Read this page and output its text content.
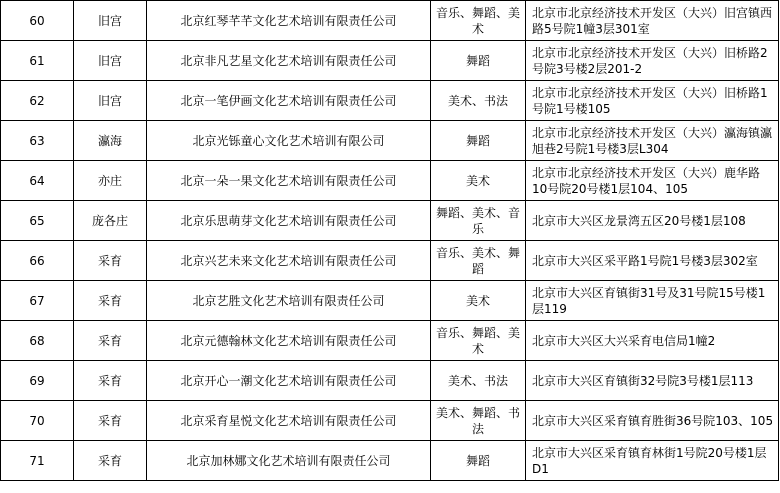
60	旧宫	北京红琴芊芊文化艺术培训有限责任公司	音乐、舞蹈、美术	北京市北京经济技术开发区（大兴）旧宫镇西路5号院1幢3层301室
61	旧宫	北京非凡艺星文化艺术培训有限责任公司	舞蹈	北京市北京经济技术开发区（大兴）旧桥路2号院3号楼2层201-2
62	旧宫	北京一笔伊画文化艺术培训有限责任公司	美术、书法	北京市北京经济技术开发区（大兴）旧桥路1号院1号楼105
63	瀛海	北京光铄童心文化艺术培训有限公司	舞蹈	北京市北京经济技术开发区（大兴）瀛海镇瀛旭巷2号院1号楼3层L304
64	亦庄	北京一朵一果文化艺术培训有限责任公司	美术	北京市北京经济技术开发区（大兴）鹿华路10号院20号楼1层104、105
65	庞各庄	北京乐思萌芽文化艺术培训有限责任公司	舞蹈、美术、音乐	北京市大兴区龙景湾五区20号楼1层108
66	采育	北京兴艺未来文化艺术培训有限责任公司	音乐、美术、舞蹈	北京市大兴区采平路1号院1号楼3层302室
67	采育	北京艺胜文化艺术培训有限责任公司	美术	北京市大兴区育镇街31号及31号院15号楼1层119
68	采育	北京元德翰林文化艺术培训有限责任公司	音乐、舞蹈、美术	北京市大兴区大兴采育电信局1幢2
69	采育	北京开心一潮文化艺术培训有限责任公司	美术、书法	北京市大兴区育镇街32号院3号楼1层113
70	采育	北京采育星悦文化艺术培训有限责任公司	美术、舞蹈、书法	北京市大兴区采育镇育胜街36号院103、105
71	采育	北京加林娜文化艺术培训有限责任公司	舞蹈	北京市大兴区采育镇育林街1号院20号楼1层D1
